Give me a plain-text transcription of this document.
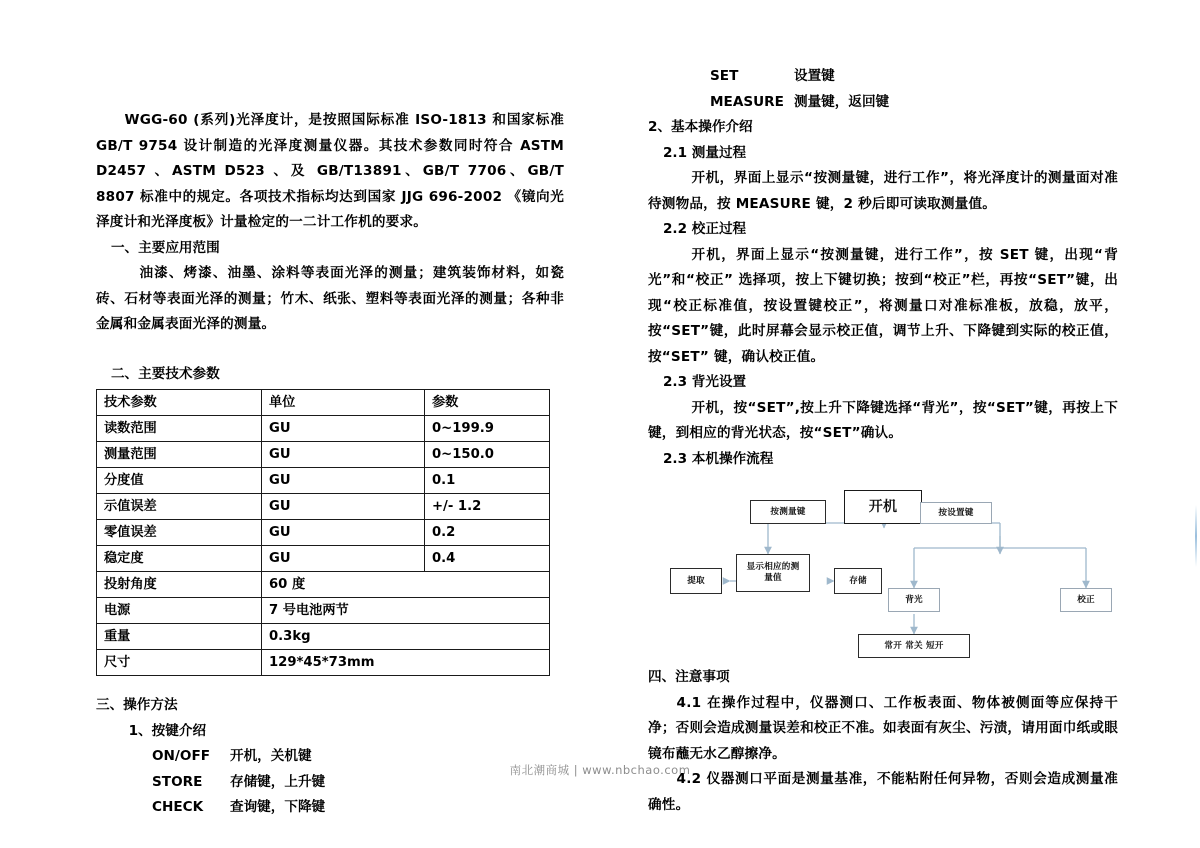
WGG-60 (系列)光泽度计，是按照国际标准 ISO-1813 和国家标准 GB/T 9754 设计制造的光泽度测量仪器。其技术参数同时符合 ASTM D2457 、ASTM D523 、及 GB/T13891、GB/T 7706、GB/T 8807 标准中的规定。各项技术指标均达到国家 JJG 696-2002 《镜向光泽度计和光泽度板》计量检定的一二计工作机的要求。
一、主要应用范围
油漆、烤漆、油墨、涂料等表面光泽的测量；建筑装饰材料，如瓷砖、石材等表面光泽的测量；竹木、纸张、塑料等表面光泽的测量；各种非金属和金属表面光泽的测量。
二、主要技术参数
技术参数	单位	参数
读数范围	GU	0~199.9
测量范围	GU	0~150.0
分度值	GU	0.1
示值误差	GU	+/- 1.2
零值误差	GU	0.2
稳定度	GU	0.4
投射角度	60 度	
电源	7 号电池两节	
重量	0.3kg	
尺寸	129*45*73mm	
三、操作方法
1、按键介绍
ON/OFF	开机，关机键
STORE	存储键，上升键
CHECK	查询键，下降键
SET	设置键
MEASURE 测量键，返回键
2、基本操作介绍
2.1 测量过程
开机，界面上显示“按测量键，进行工作”，将光泽度计的测量面对准待测物品，按 MEASURE 键，2 秒后即可读取测量值。
2.2 校正过程
开机，界面上显示“按测量键，进行工作”，按 SET 键，出现“背光”和“校正” 选择项，按上下键切换；按到“校正”栏，再按“SET”键，出现“校正标准值，按设置键校正”，将测量口对准标准板，放稳，放平，按“SET”键，此时屏幕会显示校正值，调节上升、下降键到实际的校正值，按“SET” 键，确认校正值。
2.3 背光设置
开机，按“SET”,按上升下降键选择“背光”，按“SET”键，再按上下键，到相应的背光状态，按“SET”确认。
2.3 本机操作流程
开机
按测量键	按设置键
显示相应的测量值
提取	存储
背光	校正
常开 常关 短开
四、注意事项
4.1 在操作过程中，仪器测口、工作板表面、物体被侧面等应保持干净；否则会造成测量误差和校正不准。如表面有灰尘、污渍，请用面巾纸或眼镜布蘸无水乙醇擦净。
4.2 仪器测口平面是测量基准，不能粘附任何异物，否则会造成测量准确性。
南北潮商城 | www.nbchao.com
